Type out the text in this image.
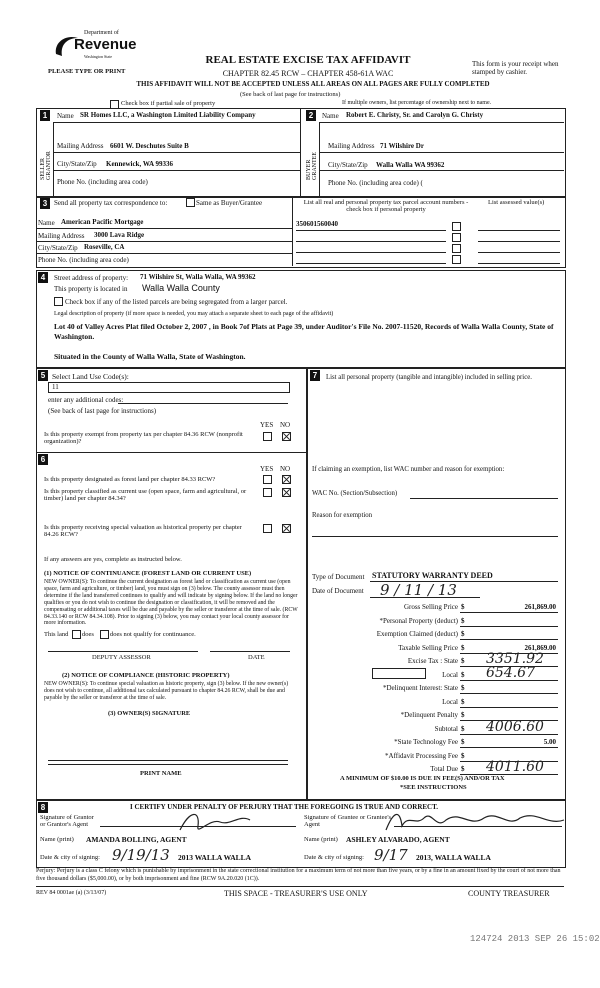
Department of
Revenue
Washington State
PLEASE TYPE OR PRINT
REAL ESTATE EXCISE TAX AFFIDAVIT
CHAPTER 82.45 RCW – CHAPTER 458-61A WAC
THIS AFFIDAVIT WILL NOT BE ACCEPTED UNLESS ALL AREAS ON ALL PAGES ARE FULLY COMPLETED
(See back of last page for instructions)
This form is your receipt when stamped by cashier.
Check box if partial sale of property	If multiple owners, list percentage of ownership next to name.
1
SELLER GRANTOR
Name SR Homes LLC, a Washington Limited Liability Company
Mailing Address 6601 W. Deschutes Suite B
City/State/Zip Kennewick, WA 99336
Phone No. (including area code)
2
BUYER GRANTEE
Name Robert E. Christy, Sr. and Carolyn G. Christy
Mailing Address 71 Wilshire Dr
City/State/Zip Walla Walla WA 99362
Phone No. (including area code) (
3 Send all property tax correspondence to:	Same as Buyer/Grantee
Name American Pacific Mortgage
Mailing Address 3000 Lava Ridge
City/State/Zip Roseville, CA
Phone No. (including area code)
List all real and personal property tax parcel account numbers - check box if personal property
List assessed value(s)
350601560040
4	Street address of property: 71 Wilshire St, Walla Walla, WA 99362
This property is located in Walla Walla County
Check box if any of the listed parcels are being segregated from a larger parcel.
Legal description of property (if more space is needed, you may attach a separate sheet to each page of the affidavit)
Lot 40 of Valley Acres Plat filed October 2, 2007 , in Book 7of Plats at Page 39, under Auditor's File No. 2007-11520, Records of Walla Walla County, State of Washington.
Situated in the County of Walla Walla, State of Washington.
5 Select Land Use Code(s):
11
enter any additional codes:
(See back of last page for instructions)
YES NO
Is this property exempt from property tax per chapter 84.36 RCW (nonprofit organization)?
6
YES NO
Is this property designated as forest land per chapter 84.33 RCW?
Is this property classified as current use (open space, farm and agricultural, or timber) land per chapter 84.34?
Is this property receiving special valuation as historical property per chapter 84.26 RCW?
If any answers are yes, complete as instructed below.
(1) NOTICE OF CONTINUANCE (FOREST LAND OR CURRENT USE)
NEW OWNER(S): To continue the current designation as forest land or classification as current use (open space, farm and agriculture, or timber) land, you must sign on (3) below. The county assessor must then determine if the land transferred continues to qualify and will indicate by signing below. If the land no longer qualifies or you do not wish to continue the designation or classification, it will be removed and the compensating or additional taxes will be due and payable by the seller or transferor at the time of sale. (RCW 84.33.140 or RCW 84.34.108). Prior to signing (3) below, you may contact your local county assessor for more information.
This land does does not qualify for continuance.
DEPUTY ASSESSOR	DATE
(2) NOTICE OF COMPLIANCE (HISTORIC PROPERTY)
NEW OWNER(S): To continue special valuation as historic property, sign (3) below. If the new owner(s) does not wish to continue, all additional tax calculated pursuant to chapter 84.26 RCW, shall be due and payable by the seller or transferor at the time of sale.
(3) OWNER(S) SIGNATURE
PRINT NAME
7	List all personal property (tangible and intangible) included in selling price.
If claiming an exemption, list WAC number and reason for exemption:
WAC No. (Section/Subsection)
Reason for exemption
Type of Document STATUTORY WARRANTY DEED
Date of Document 9 / 11 / 13
Gross Selling Price $	261,869.00
*Personal Property (deduct) $
Exemption Claimed (deduct) $
Taxable Selling Price $	261,869.00
Excise Tax : State $ 3351.92
Local $ 654.67
*Delinquent Interest: State $
Local $
*Delinquent Penalty $
Subtotal $ 4006.60
*State Technology Fee $	5.00
*Affidavit Processing Fee $
Total Due $ 4011.60
A MINIMUM OF $10.00 IS DUE IN FEE(S) AND/OR TAX
*SEE INSTRUCTIONS
8	I CERTIFY UNDER PENALTY OF PERJURY THAT THE FOREGOING IS TRUE AND CORRECT.
Signature of Grantor or Grantor's Agent
Name (print) AMANDA BOLLING, AGENT
Date & city of signing: 9/19/13 2013 WALLA WALLA
Signature of Grantee or Grantee's Agent
Name (print) ASHLEY ALVARADO, AGENT
Date & city of signing: 9/17 2013, WALLA WALLA
Perjury: Perjury is a class C felony which is punishable by imprisonment in the state correctional institution for a maximum term of not more than five years, or by a fine in an amount fixed by the court of not more than five thousand dollars ($5,000.00), or by both imprisonment and fine (RCW 9A.20.020 (1C)).
REV 84 0001ae (a) (3/13/07)	THIS SPACE - TREASURER'S USE ONLY	COUNTY TREASURER
124724 2013 SEP 26 15:02
